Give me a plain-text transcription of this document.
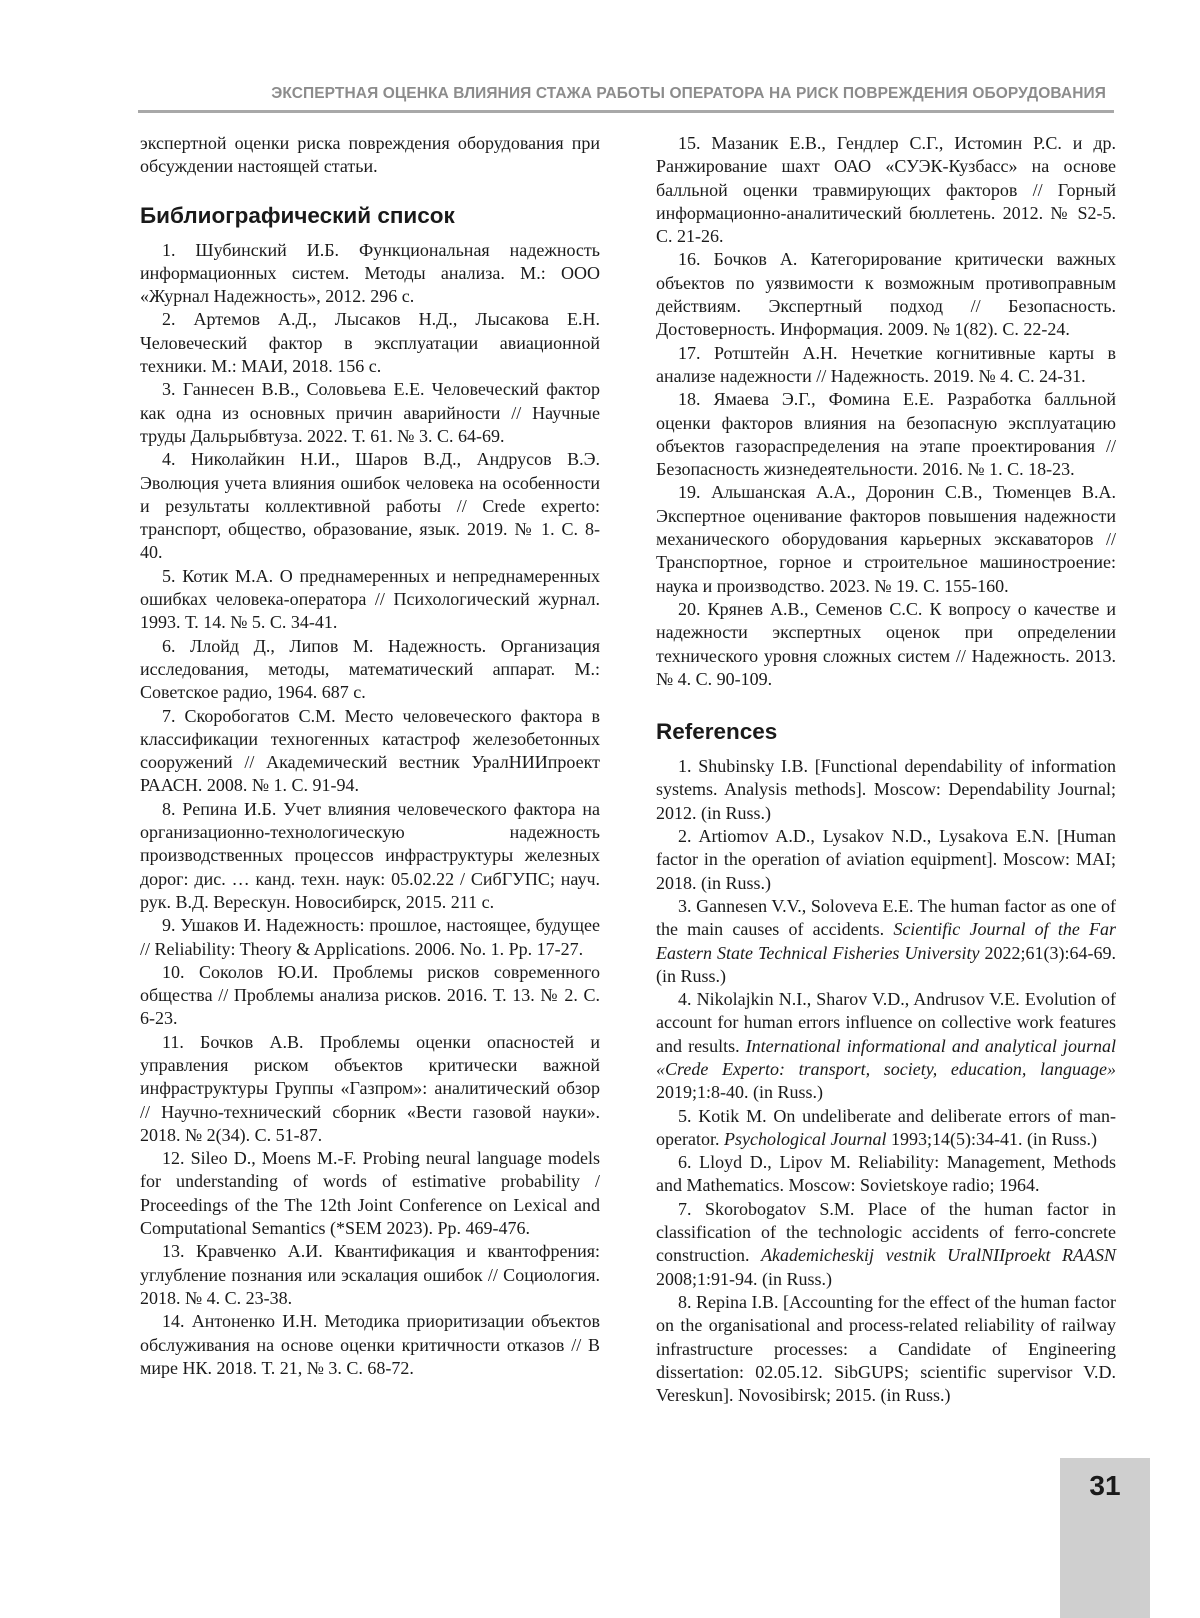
ЭКСПЕРТНАЯ ОЦЕНКА ВЛИЯНИЯ СТАЖА РАБОТЫ ОПЕРАТОРА НА РИСК ПОВРЕЖДЕНИЯ ОБОРУДОВАНИЯ

экспертной оценки риска повреждения оборудования при обсуждении настоящей статьи.

Библиографический список

1. Шубинский И.Б. Функциональная надежность информационных систем. Методы анализа. М.: ООО «Журнал Надежность», 2012. 296 с.

2. Артемов А.Д., Лысаков Н.Д., Лысакова Е.Н. Человеческий фактор в эксплуатации авиационной техники. М.: МАИ, 2018. 156 с.

3. Ганнесен В.В., Соловьева Е.Е. Человеческий фактор как одна из основных причин аварийности // Научные труды Дальрыбвтуза. 2022. Т. 61. № 3. С. 64-69.

4. Николайкин Н.И., Шаров В.Д., Андрусов В.Э. Эволюция учета влияния ошибок человека на особенности и результаты коллективной работы // Crede experto: транспорт, общество, образование, язык. 2019. № 1. С. 8-40.

5. Котик М.А. О преднамеренных и непреднамеренных ошибках человека-оператора // Психологический журнал. 1993. Т. 14. № 5. С. 34-41.

6. Ллойд Д., Липов М. Надежность. Организация исследования, методы, математический аппарат. М.: Советское радио, 1964. 687 с.

7. Скоробогатов С.М. Место человеческого фактора в классификации техногенных катастроф железобетонных сооружений // Академический вестник УралНИИпроект РААСН. 2008. № 1. С. 91-94.

8. Репина И.Б. Учет влияния человеческого фактора на организационно-технологическую надежность производственных процессов инфраструктуры железных дорог: дис. … канд. техн. наук: 05.02.22 / СибГУПС; науч. рук. В.Д. Верескун. Новосибирск, 2015. 211 с.

9. Ушаков И. Надежность: прошлое, настоящее, будущее // Reliability: Theory & Applications. 2006. No. 1. Pp. 17-27.

10. Соколов Ю.И. Проблемы рисков современного общества // Проблемы анализа рисков. 2016. Т. 13. № 2. С. 6-23.

11. Бочков А.В. Проблемы оценки опасностей и управления риском объектов критически важной инфраструктуры Группы «Газпром»: аналитический обзор // Научно-технический сборник «Вести газовой науки». 2018. № 2(34). С. 51-87.

12. Sileo D., Moens M.-F. Probing neural language models for understanding of words of estimative probability / Proceedings of the The 12th Joint Conference on Lexical and Computational Semantics (*SEM 2023). Pp. 469-476.

13. Кравченко А.И. Квантификация и квантофрения: углубление познания или эскалация ошибок // Социология. 2018. № 4. С. 23-38.

14. Антоненко И.Н. Методика приоритизации объектов обслуживания на основе оценки критичности отказов // В мире НК. 2018. Т. 21, № 3. С. 68-72.

15. Мазаник Е.В., Гендлер С.Г., Истомин Р.С. и др. Ранжирование шахт ОАО «СУЭК-Кузбасс» на основе балльной оценки травмирующих факторов // Горный информационно-аналитический бюллетень. 2012. № S2-5. С. 21-26.

16. Бочков А. Категорирование критически важных объектов по уязвимости к возможным противоправным действиям. Экспертный подход // Безопасность. Достоверность. Информация. 2009. № 1(82). С. 22-24.

17. Ротштейн А.Н. Нечеткие когнитивные карты в анализе надежности // Надежность. 2019. № 4. С. 24-31.

18. Ямаева Э.Г., Фомина Е.Е. Разработка балльной оценки факторов влияния на безопасную эксплуатацию объектов газораспределения на этапе проектирования // Безопасность жизнедеятельности. 2016. № 1. С. 18-23.

19. Альшанская А.А., Доронин С.В., Тюменцев В.А. Экспертное оценивание факторов повышения надежности механического оборудования карьерных экскаваторов // Транспортное, горное и строительное машиностроение: наука и производство. 2023. № 19. С. 155-160.

20. Крянев А.В., Семенов С.С. К вопросу о качестве и надежности экспертных оценок при определении технического уровня сложных систем // Надежность. 2013. № 4. С. 90-109.

References

1. Shubinsky I.B. [Functional dependability of information systems. Analysis methods]. Moscow: Dependability Journal; 2012. (in Russ.)

2. Artiomov A.D., Lysakov N.D., Lysakova E.N. [Human factor in the operation of aviation equipment]. Moscow: MAI; 2018. (in Russ.)

3. Gannesen V.V., Soloveva E.E. The human factor as one of the main causes of accidents. Scientific Journal of the Far Eastern State Technical Fisheries University 2022;61(3):64-69. (in Russ.)

4. Nikolajkin N.I., Sharov V.D., Andrusov V.E. Evolution of account for human errors influence on collective work features and results. International informational and analytical journal «Crede Experto: transport, society, education, language» 2019;1:8-40. (in Russ.)

5. Kotik M. On undeliberate and deliberate errors of man-operator. Psychological Journal 1993;14(5):34-41. (in Russ.)

6. Lloyd D., Lipov M. Reliability: Management, Methods and Mathematics. Moscow: Sovietskoye radio; 1964.

7. Skorobogatov S.M. Place of the human factor in classification of the technologic accidents of ferro-concrete construction. Akademicheskij vestnik UralNIIproekt RAASN 2008;1:91-94. (in Russ.)

8. Repina I.B. [Accounting for the effect of the human factor on the organisational and process-related reliability of railway infrastructure processes: a Candidate of Engineering dissertation: 02.05.12. SibGUPS; scientific supervisor V.D. Vereskun]. Novosibirsk; 2015. (in Russ.)

31
